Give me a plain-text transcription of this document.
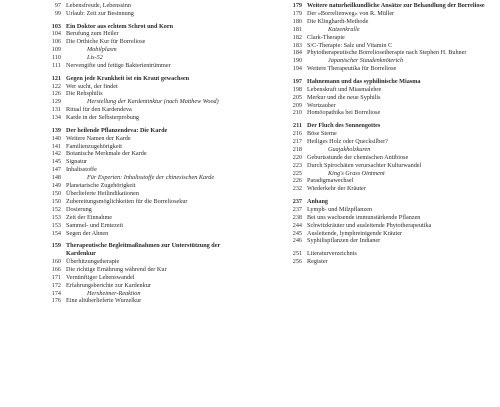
97 Lebensfreude, Lebenssinn
99 Urlaub: Zeit zur Besinnung
103 Ein Doktor aus echtem Schrot und Korn
104 Berufung zum Heiler
106 Die Orthiche Kur für Borreliose
109	Mobilplasm
110	Lis-52
111 Nervengifte und fettige Bakterientrümmer
121 Gegen jede Krankheit ist ein Kraut gewachsen
122 Wer sucht, der findet
126 Die Rehsphilis
129	Herstellung der Kardentinktur (nach Matthew Wood)
131 Ritual für den Kardendeva
134 Karde in der Selbsterprobung
139 Der heilende Pflanzendeva: Die Karde
140 Weitere Namen der Karde
141 Familienzugehörigkeit
142 Botanische Merkmale der Karde
145 Signatur
147 Inhaltsstoffe
148	Für Experten: Inhaltsstoffe der chinesischen Karde
149 Planetarische Zugehörigkeit
150 Überlieferte Heilindikationen
150 Zubereitungsmöglichkeiten für die Borreliosekur
152 Dosierung
153 Zeit der Einnahme
153 Sammel- und Erntezeit
154 Segen der Ahnen
159 Therapeutische Begleitmaßnahmen zur Unterstützung der Kardenkur
160 Überhitzungstherapie
166 Die richtige Ernährung während der Kur
171 Vernünftiger Lebenswandel
172 Erfahrungsberichte zur Kardenkur
174	Herxheimer-Reaktion
176 Eine altüberlieferte Wurzelkur
179 Weitere naturheilkundliche Ansätze zur Behandlung der Borreliose
179 Der »Borrelienweg« von R. Müller
180 Die Klinghardt-Methode
181	Katzenkralle
182 Clark-Therapie
183 S/C-Therapie: Salz und Vitamin C
184 Phytotherapeutische Borreliosetherapie nach Stephen H. Buhner
190	Japanischer Staudenknöterich
194 Weitere Therapeutika für Borreliose
197 Hahnemann und das syphilinische Miasma
198 Lebenskraft und Miasmalehre
205 Merkur und die neue Syphilis
209 Wortzauber
210 Homöopathika bei Borreliose
211 Der Fluch des Sonnengottes
216 Böse Sterne
217 Heiliges Holz oder Quecksilber?
218	Guajakholzkuren
220 Geburtsstunde der chemischen Antibiose
223 Durch Spirochäten verursachter Kulturwandel
225	King's Grass Ointment
226 Paradigmawechsel
232 Wiederkehr der Kräuter
237 Anhang
237 Lymph- und Milzpflanzen
238 Bei uns wachsende immunstärkende Pflanzen
244 Schwitzkräuter und ausleitende Phytotherapeutika
245 Ausleitende, lymphreinigende Kräuter
246 Syphilispflanzen der Indianer
251 Literaturverzeichnis
256 Register
